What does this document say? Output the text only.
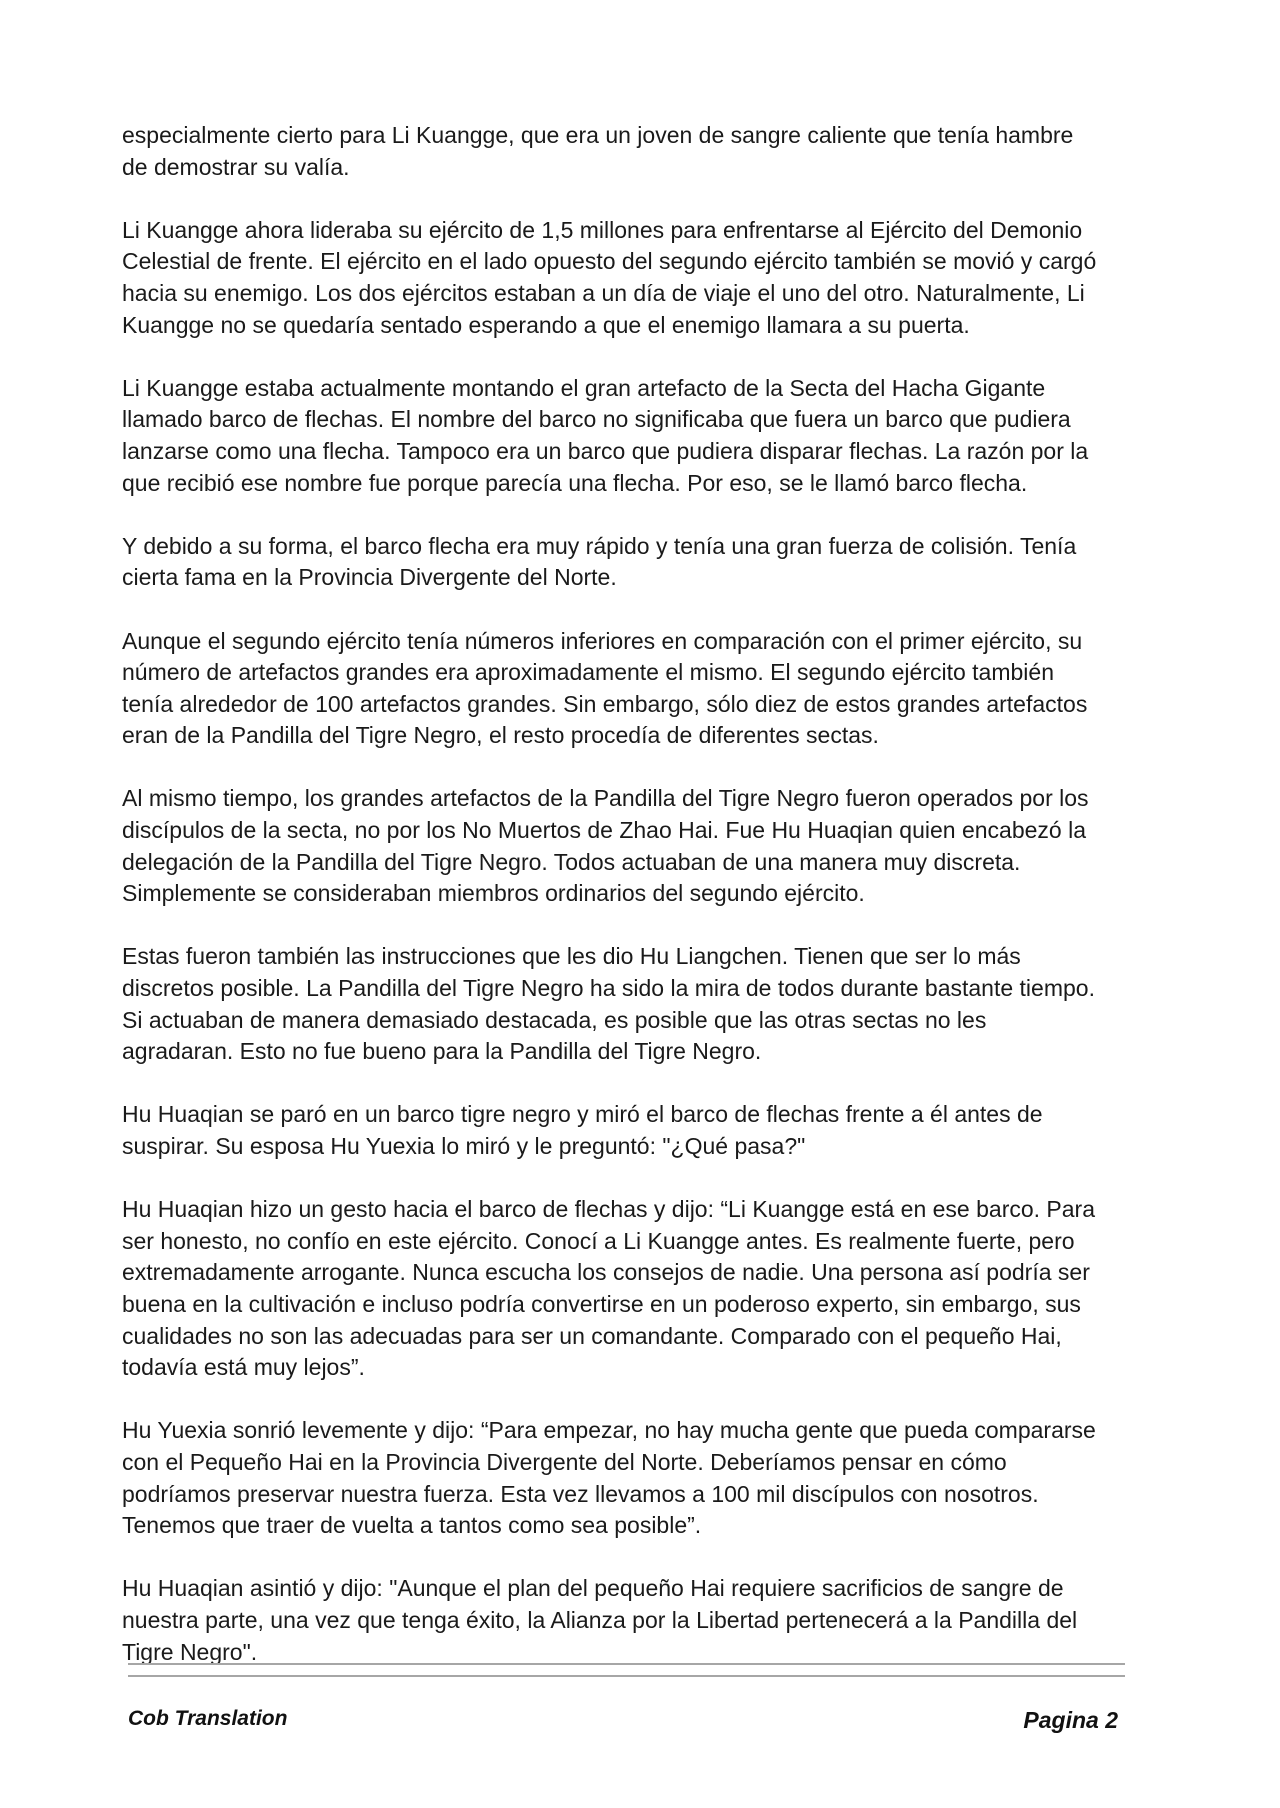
especialmente cierto para Li Kuangge, que era un joven de sangre caliente que tenía hambre
de demostrar su valía.

Li Kuangge ahora lideraba su ejército de 1,5 millones para enfrentarse al Ejército del Demonio
Celestial de frente. El ejército en el lado opuesto del segundo ejército también se movió y cargó
hacia su enemigo. Los dos ejércitos estaban a un día de viaje el uno del otro. Naturalmente, Li
Kuangge no se quedaría sentado esperando a que el enemigo llamara a su puerta.

Li Kuangge estaba actualmente montando el gran artefacto de la Secta del Hacha Gigante
llamado barco de flechas. El nombre del barco no significaba que fuera un barco que pudiera
lanzarse como una flecha. Tampoco era un barco que pudiera disparar flechas. La razón por la
que recibió ese nombre fue porque parecía una flecha. Por eso, se le llamó barco flecha.

Y debido a su forma, el barco flecha era muy rápido y tenía una gran fuerza de colisión. Tenía
cierta fama en la Provincia Divergente del Norte.

Aunque el segundo ejército tenía números inferiores en comparación con el primer ejército, su
número de artefactos grandes era aproximadamente el mismo. El segundo ejército también
tenía alrededor de 100 artefactos grandes. Sin embargo, sólo diez de estos grandes artefactos
eran de la Pandilla del Tigre Negro, el resto procedía de diferentes sectas.

Al mismo tiempo, los grandes artefactos de la Pandilla del Tigre Negro fueron operados por los
discípulos de la secta, no por los No Muertos de Zhao Hai. Fue Hu Huaqian quien encabezó la
delegación de la Pandilla del Tigre Negro. Todos actuaban de una manera muy discreta.
Simplemente se consideraban miembros ordinarios del segundo ejército.

Estas fueron también las instrucciones que les dio Hu Liangchen. Tienen que ser lo más
discretos posible. La Pandilla del Tigre Negro ha sido la mira de todos durante bastante tiempo.
Si actuaban de manera demasiado destacada, es posible que las otras sectas no les
agradaran. Esto no fue bueno para la Pandilla del Tigre Negro.

Hu Huaqian se paró en un barco tigre negro y miró el barco de flechas frente a él antes de
suspirar. Su esposa Hu Yuexia lo miró y le preguntó: "¿Qué pasa?"

Hu Huaqian hizo un gesto hacia el barco de flechas y dijo: “Li Kuangge está en ese barco. Para
ser honesto, no confío en este ejército. Conocí a Li Kuangge antes. Es realmente fuerte, pero
extremadamente arrogante. Nunca escucha los consejos de nadie. Una persona así podría ser
buena en la cultivación e incluso podría convertirse en un poderoso experto, sin embargo, sus
cualidades no son las adecuadas para ser un comandante. Comparado con el pequeño Hai,
todavía está muy lejos”.

Hu Yuexia sonrió levemente y dijo: “Para empezar, no hay mucha gente que pueda compararse
con el Pequeño Hai en la Provincia Divergente del Norte. Deberíamos pensar en cómo
podríamos preservar nuestra fuerza. Esta vez llevamos a 100 mil discípulos con nosotros.
Tenemos que traer de vuelta a tantos como sea posible”.

Hu Huaqian asintió y dijo: "Aunque el plan del pequeño Hai requiere sacrificios de sangre de
nuestra parte, una vez que tenga éxito, la Alianza por la Libertad pertenecerá a la Pandilla del
Tigre Negro".

Cob Translation	Pagina 2
